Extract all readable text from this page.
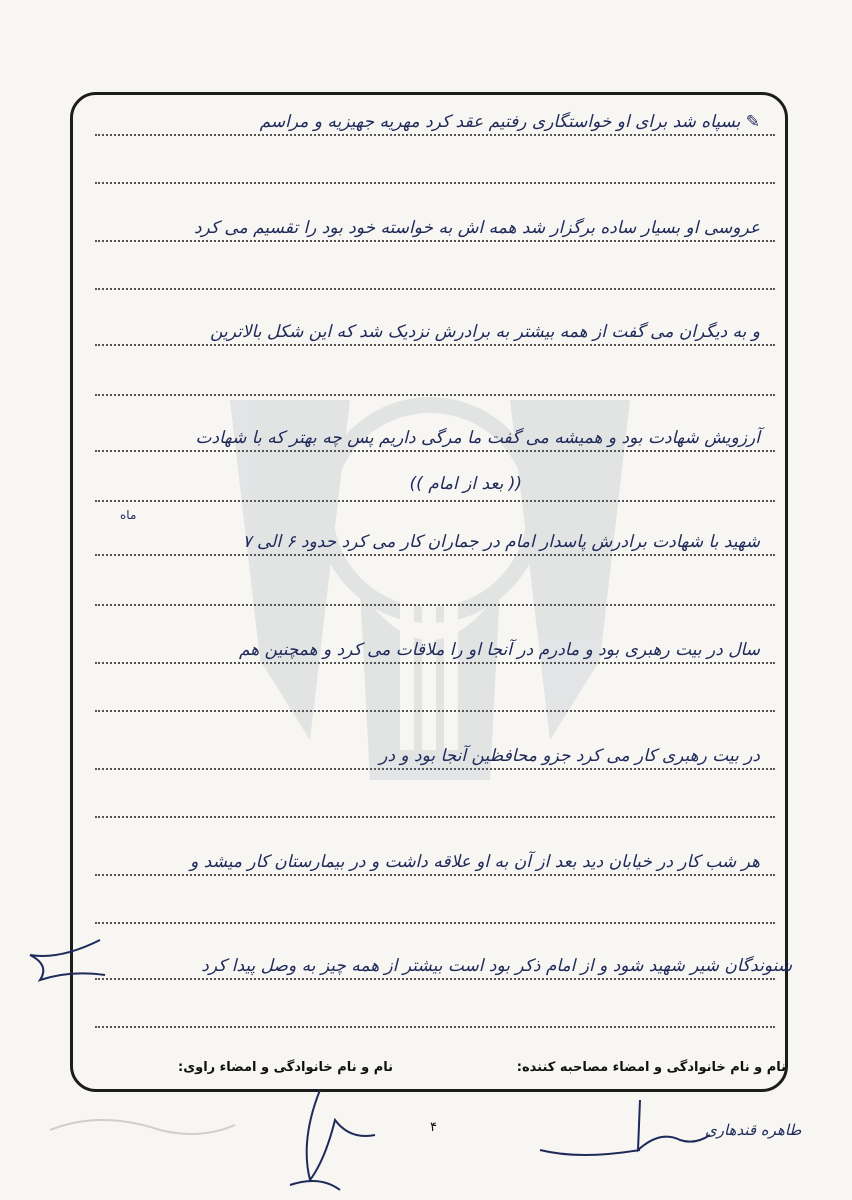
✎ بسپاه شد برای او خواستگاری رفتیم عقد کرد مهریه جهیزیه و مراسم
عروسی او بسیار ساده برگزار شد همه اش به خواسته خود بود را تقسیم می کرد
و به دیگران می گفت از همه بیشتر به برادرش نزدیک شد که این شکل بالاترین
آرزویش شهادت بود و همیشه می گفت ما مرگی داریم پس چه بهتر که با شهادت
(( بعد از امام ))
ماه
شهید با شهادت برادرش پاسدار امام در جماران کار می کرد حدود ۶ الی ۷
سال در بیت رهبری بود و مادرم در آنجا او را ملاقات می کرد و همچنین هم
در بیت رهبری کار می کرد جزو محافظین آنجا بود و در
هر شب کار در خیابان دید بعد از آن به او علاقه داشت و در بیمارستان کار میشد و
شنوندگان شیر شهید شود و از امام ذکر بود است بیشتر از همه چیز به وصل پیدا کرد
نام و نام خانوادگی و امضاء مصاحبه کننده:
نام و نام خانوادگی و امضاء راوی:
۴	طاهره قندهاری
